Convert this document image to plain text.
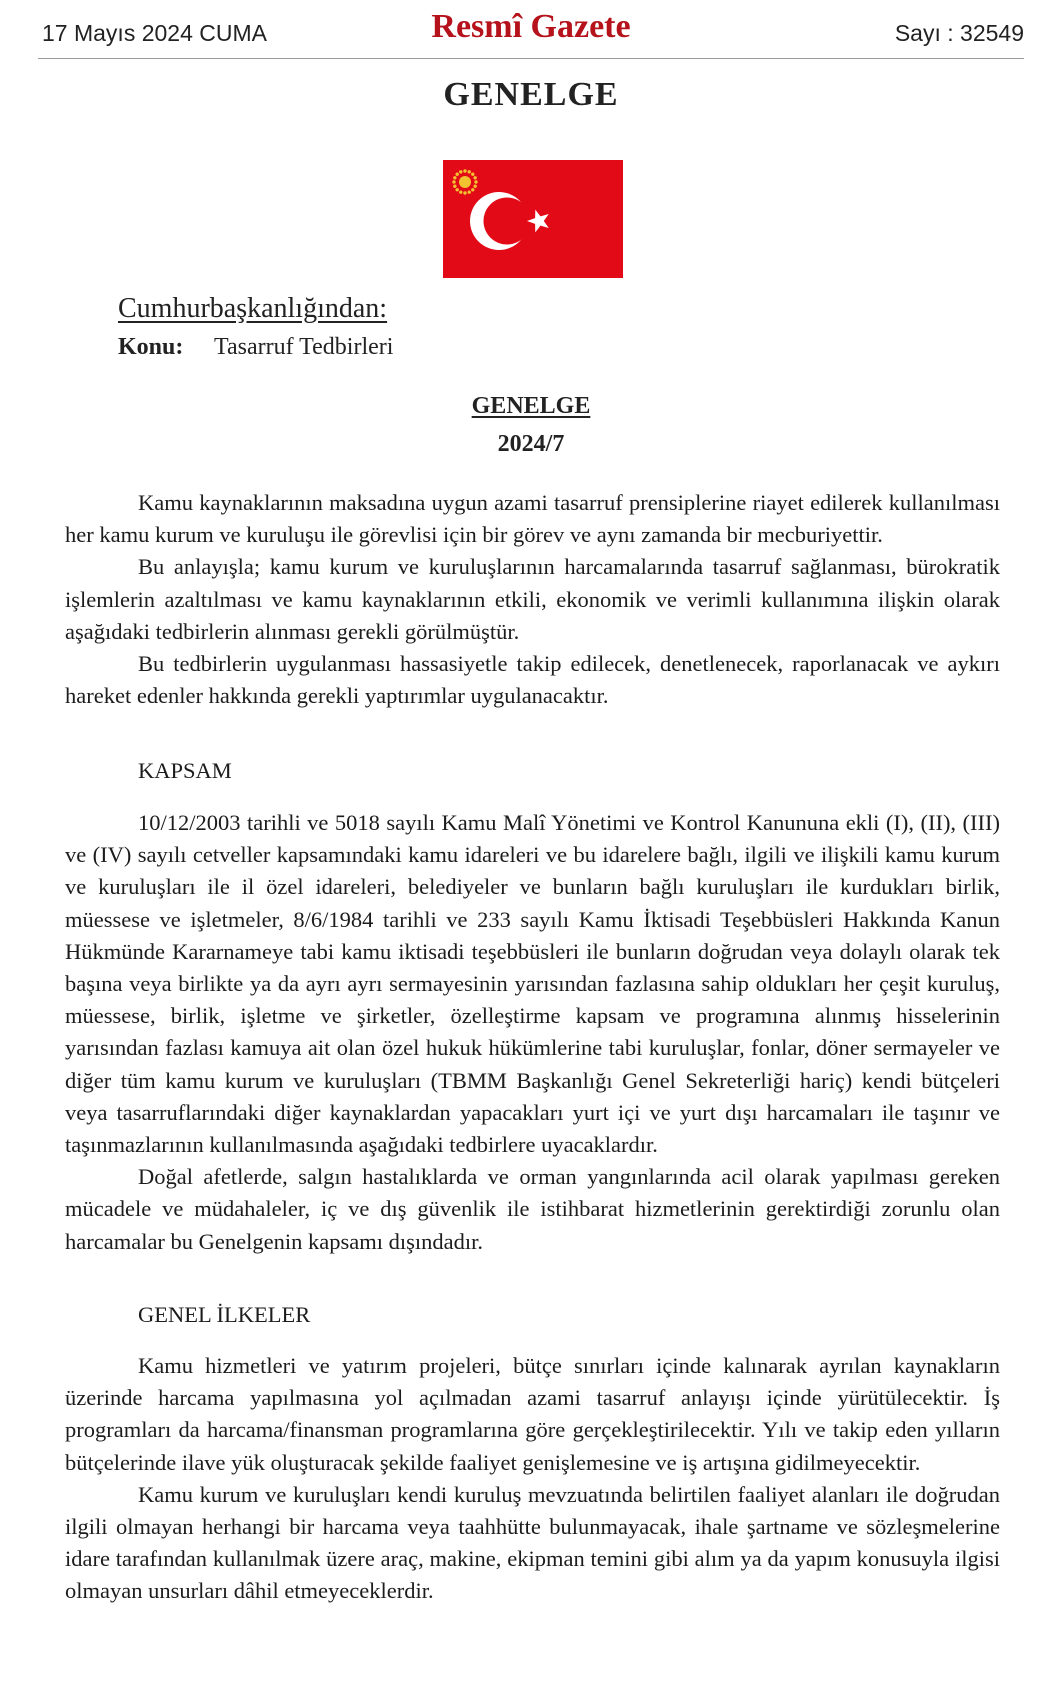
17 Mayıs 2024 CUMA	Resmî Gazete	Sayı : 32549
GENELGE
Cumhurbaşkanlığından:
Konu: Tasarruf Tedbirleri
GENELGE
2024/7

Kamu kaynaklarının maksadına uygun azami tasarruf prensiplerine riayet edilerek kullanılması her kamu kurum ve kuruluşu ile görevlisi için bir görev ve aynı zamanda bir mecburiyettir.

Bu anlayışla; kamu kurum ve kuruluşlarının harcamalarında tasarruf sağlanması, bürokratik işlemlerin azaltılması ve kamu kaynaklarının etkili, ekonomik ve verimli kullanımına ilişkin olarak aşağıdaki tedbirlerin alınması gerekli görülmüştür.

Bu tedbirlerin uygulanması hassasiyetle takip edilecek, denetlenecek, raporlanacak ve aykırı hareket edenler hakkında gerekli yaptırımlar uygulanacaktır.

KAPSAM

10/12/2003 tarihli ve 5018 sayılı Kamu Malî Yönetimi ve Kontrol Kanununa ekli (I), (II), (III) ve (IV) sayılı cetveller kapsamındaki kamu idareleri ve bu idarelere bağlı, ilgili ve ilişkili kamu kurum ve kuruluşları ile il özel idareleri, belediyeler ve bunların bağlı kuruluşları ile kurdukları birlik, müessese ve işletmeler, 8/6/1984 tarihli ve 233 sayılı Kamu İktisadi Teşebbüsleri Hakkında Kanun Hükmünde Kararnameye tabi kamu iktisadi teşebbüsleri ile bunların doğrudan veya dolaylı olarak tek başına veya birlikte ya da ayrı ayrı sermayesinin yarısından fazlasına sahip oldukları her çeşit kuruluş, müessese, birlik, işletme ve şirketler, özelleştirme kapsam ve programına alınmış hisselerinin yarısından fazlası kamuya ait olan özel hukuk hükümlerine tabi kuruluşlar, fonlar, döner sermayeler ve diğer tüm kamu kurum ve kuruluşları (TBMM Başkanlığı Genel Sekreterliği hariç) kendi bütçeleri veya tasarruflarındaki diğer kaynaklardan yapacakları yurt içi ve yurt dışı harcamaları ile taşınır ve taşınmazlarının kullanılmasında aşağıdaki tedbirlere uyacaklardır.

Doğal afetlerde, salgın hastalıklarda ve orman yangınlarında acil olarak yapılması gereken mücadele ve müdahaleler, iç ve dış güvenlik ile istihbarat hizmetlerinin gerektirdiği zorunlu olan harcamalar bu Genelgenin kapsamı dışındadır.

GENEL İLKELER

Kamu hizmetleri ve yatırım projeleri, bütçe sınırları içinde kalınarak ayrılan kaynakların üzerinde harcama yapılmasına yol açılmadan azami tasarruf anlayışı içinde yürütülecektir. İş programları da harcama/finansman programlarına göre gerçekleştirilecektir. Yılı ve takip eden yılların bütçelerinde ilave yük oluşturacak şekilde faaliyet genişlemesine ve iş artışına gidilmeyecektir.

Kamu kurum ve kuruluşları kendi kuruluş mevzuatında belirtilen faaliyet alanları ile doğrudan ilgili olmayan herhangi bir harcama veya taahhütte bulunmayacak, ihale şartname ve sözleşmelerine idare tarafından kullanılmak üzere araç, makine, ekipman temini gibi alım ya da yapım konusuyla ilgisi olmayan unsurları dâhil etmeyeceklerdir.
